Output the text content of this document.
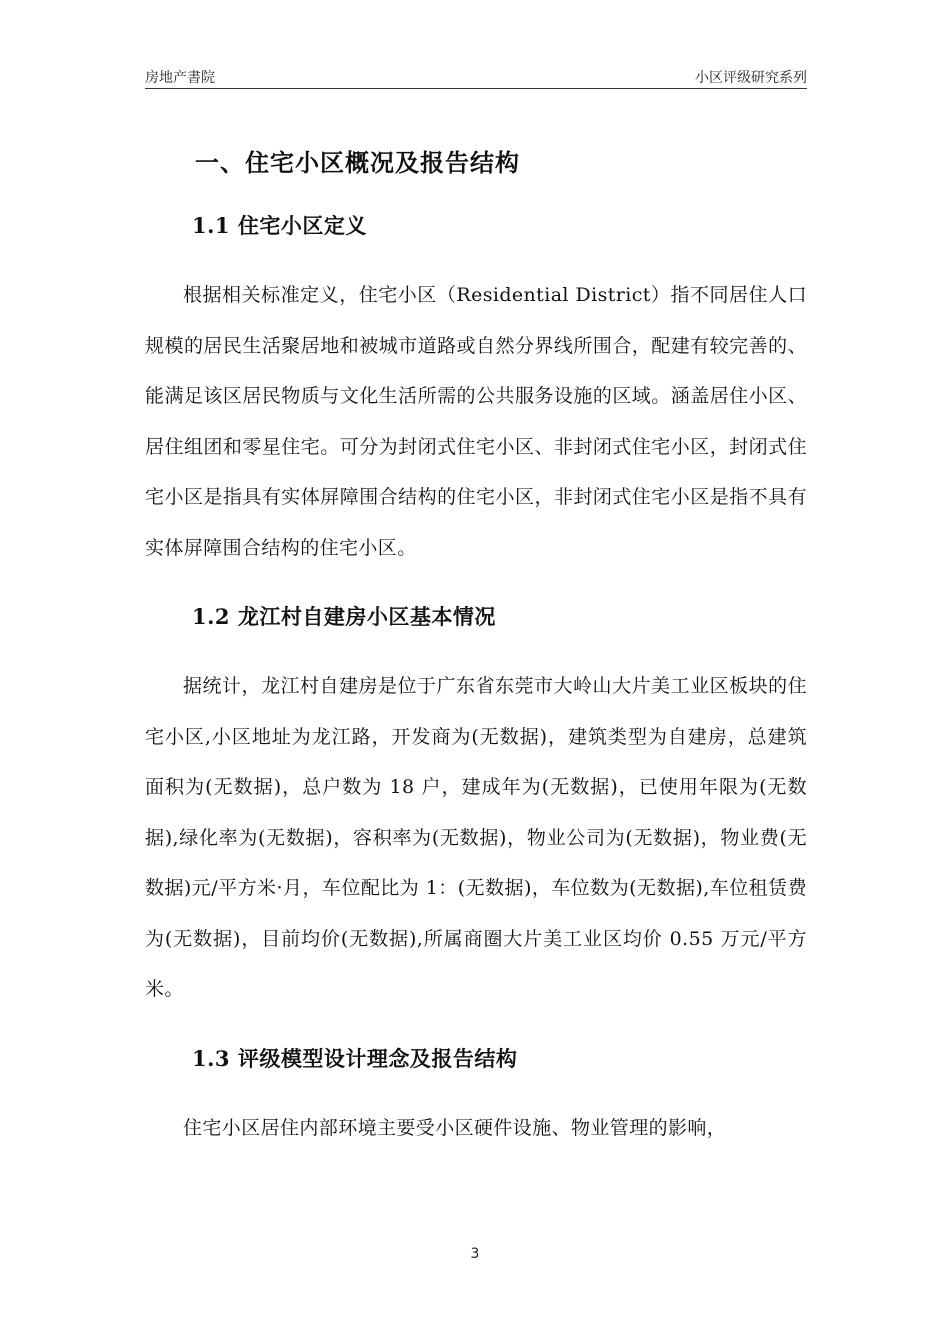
房地产書院	小区评级研究系列
一、住宅小区概况及报告结构
1.1 住宅小区定义

根据相关标准定义，住宅小区（Residential District）指不同居住人口规模的居民生活聚居地和被城市道路或自然分界线所围合，配建有较完善的、能满足该区居民物质与文化生活所需的公共服务设施的区域。涵盖居住小区、居住组团和零星住宅。可分为封闭式住宅小区、非封闭式住宅小区，封闭式住宅小区是指具有实体屏障围合结构的住宅小区，非封闭式住宅小区是指不具有实体屏障围合结构的住宅小区。

1.2 龙江村自建房小区基本情况

据统计，龙江村自建房是位于广东省东莞市大岭山大片美工业区板块的住宅小区,小区地址为龙江路，开发商为(无数据)，建筑类型为自建房，总建筑面积为(无数据)，总户数为 18 户，建成年为(无数据)，已使用年限为(无数据),绿化率为(无数据)，容积率为(无数据)，物业公司为(无数据)，物业费(无数据)元/平方米·月，车位配比为 1：(无数据)，车位数为(无数据),车位租赁费为(无数据)，目前均价(无数据),所属商圈大片美工业区均价 0.55 万元/平方米。

1.3 评级模型设计理念及报告结构

住宅小区居住内部环境主要受小区硬件设施、物业管理的影响，

3
